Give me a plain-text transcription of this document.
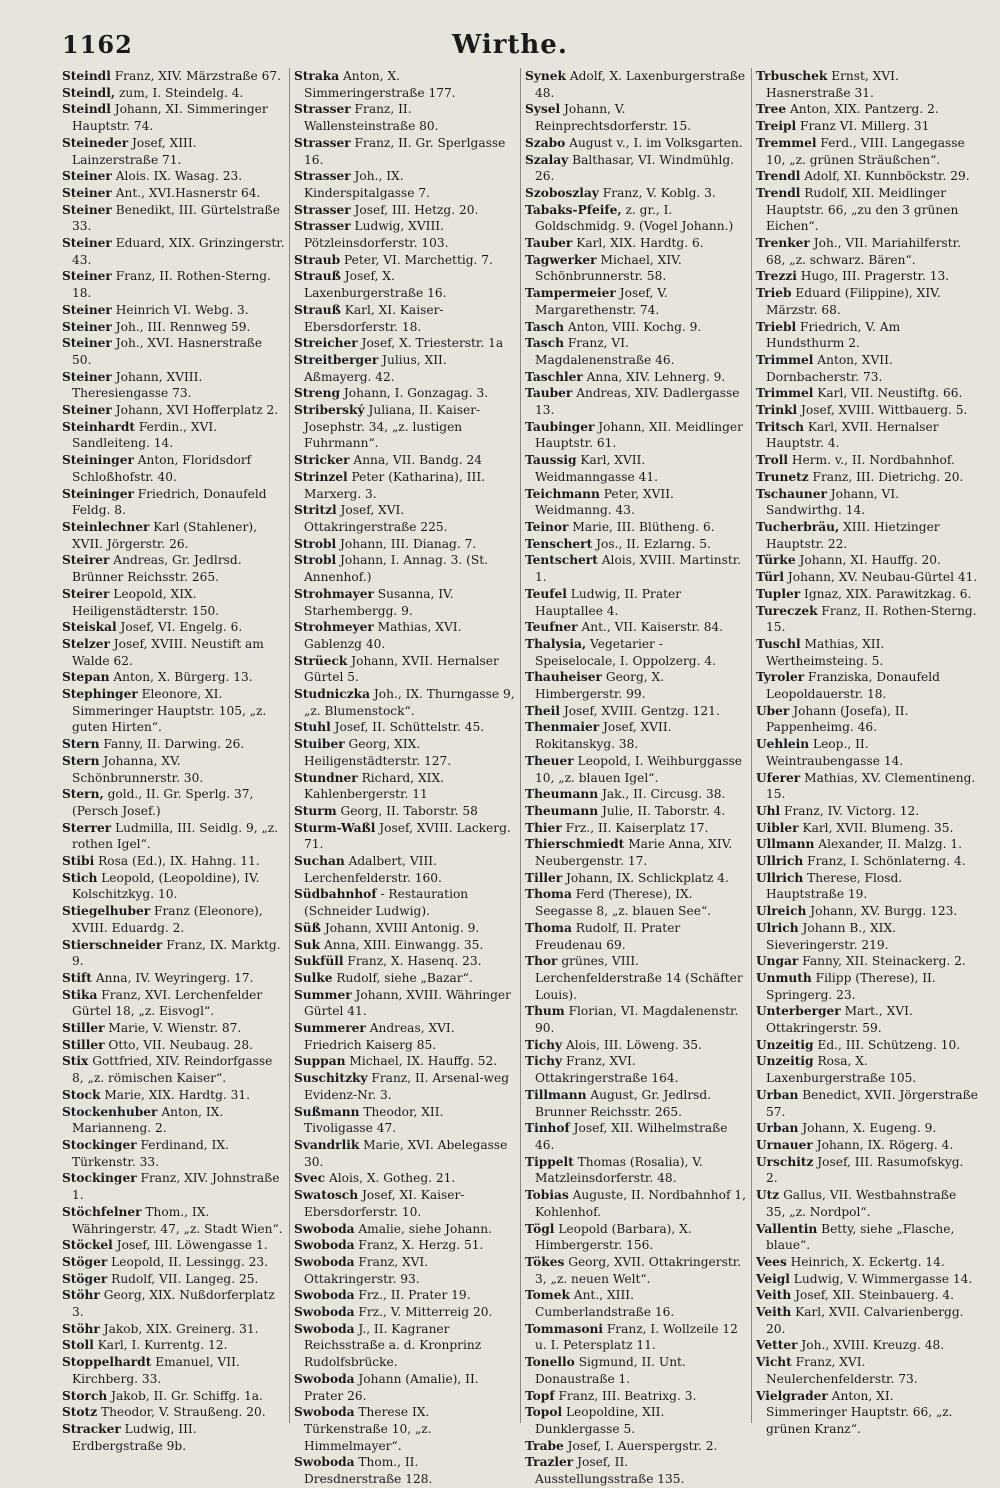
1162	Wirthe.
Steindl Franz, XIV. Märzstraße 67.
Steindl, zum, I. Steindelg. 4.
Steindl Johann, XI. Simmeringer Hauptstr. 74.
Steineder Josef, XIII. Lainzerstraße 71.
Steiner Alois. IX. Wasag. 23.
Steiner Ant., XVI.Hasnerstr 64.
Steiner Benedikt, III. Gürtelstraße 33.
Steiner Eduard, XIX. Grinzingerstr. 43.
Steiner Franz, II. Rothen-Sterng. 18.
Steiner Heinrich VI. Webg. 3.
Steiner Joh., III. Rennweg 59.
Steiner Joh., XVI. Hasnerstraße 50.
Steiner Johann, XVIII. Theresiengasse 73.
Steiner Johann, XVI Hofferplatz 2.
Steinhardt Ferdin., XVI. Sandleiteng. 14.
Steininger Anton, Floridsdorf Schloßhofstr. 40.
Steininger Friedrich, Donaufeld Feldg. 8.
Steinlechner Karl (Stahlener), XVII. Jörgerstr. 26.
Steirer Andreas, Gr. Jedlrsd. Brünner Reichsstr. 265.
Steirer Leopold, XIX. Heiligenstädterstr. 150.
Steiskal Josef, VI. Engelg. 6.
Stelzer Josef, XVIII. Neustift am Walde 62.
Stepan Anton, X. Bürgerg. 13.
Stephinger Eleonore, XI. Simmeringer Hauptstr. 105, „z. guten Hirten“.
Stern Fanny, II. Darwing. 26.
Stern Johanna, XV. Schönbrunnerstr. 30.
Stern, gold., II. Gr. Sperlg. 37, (Persch Josef.)
Sterrer Ludmilla, III. Seidlg. 9, „z. rothen Igel“.
Stibi Rosa (Ed.), IX. Hahng. 11.
Stich Leopold, (Leopoldine), IV. Kolschitzkyg. 10.
Stiegelhuber Franz (Eleonore), XVIII. Eduardg. 2.
Stierschneider Franz, IX. Marktg. 9.
Stift Anna, IV. Weyringerg. 17.
Stika Franz, XVI. Lerchenfelder Gürtel 18, „z. Eisvogl“.
Stiller Marie, V. Wienstr. 87.
Stiller Otto, VII. Neubaug. 28.
Stix Gottfried, XIV. Reindorfgasse 8, „z. römischen Kaiser“.
Stock Marie, XIX. Hardtg. 31.
Stockenhuber Anton, IX. Marianneng. 2.
Stockinger Ferdinand, IX. Türkenstr. 33.
Stockinger Franz, XIV. Johnstraße 1.
Stöchfelner Thom., IX. Währingerstr. 47, „z. Stadt Wien“.
Stöckel Josef, III. Löwengasse 1.
Stöger Leopold, II. Lessingg. 23.
Stöger Rudolf, VII. Langeg. 25.
Stöhr Georg, XIX. Nußdorferplatz 3.
Stöhr Jakob, XIX. Greinerg. 31.
Stoll Karl, I. Kurrentg. 12.
Stoppelhardt Emanuel, VII. Kirchberg. 33.
Storch Jakob, II. Gr. Schiffg. 1a.
Stotz Theodor, V. Straußeng. 20.
Stracker Ludwig, III. Erdbergstraße 9b.
Straka Anton, X. Simmeringerstraße 177.
Strasser Franz, II. Wallensteinstraße 80.
Strasser Franz, II. Gr. Sperlgasse 16.
Strasser Joh., IX. Kinderspitalgasse 7.
Strasser Josef, III. Hetzg. 20.
Strasser Ludwig, XVIII. Pötzleinsdorferstr. 103.
Straub Peter, VI. Marchettig. 7.
Strauß Josef, X. Laxenburgerstraße 16.
Strauß Karl, XI. Kaiser-Ebersdorferstr. 18.
Streicher Josef, X. Triesterstr. 1a
Streitberger Julius, XII. Aßmayerg. 42.
Streng Johann, I. Gonzagag. 3.
Striberský Juliana, II. Kaiser-Josephstr. 34, „z. lustigen Fuhrmann“.
Stricker Anna, VII. Bandg. 24
Strinzel Peter (Katharina), III. Marxerg. 3.
Stritzl Josef, XVI. Ottakringerstraße 225.
Strobl Johann, III. Dianag. 7.
Strobl Johann, I. Annag. 3. (St. Annenhof.)
Strohmayer Susanna, IV. Starhembergg. 9.
Strohmeyer Mathias, XVI. Gablenzg 40.
Strüeck Johann, XVII. Hernalser Gürtel 5.
Studniczka Joh., IX. Thurngasse 9, „z. Blumenstock“.
Stuhl Josef, II. Schüttelstr. 45.
Stuiber Georg, XIX. Heiligenstädterstr. 127.
Stundner Richard, XIX. Kahlenbergerstr. 11
Sturm Georg, II. Taborstr. 58
Sturm-Waßl Josef, XVIII. Lackerg. 71.
Suchan Adalbert, VIII. Lerchenfelderstr. 160.
Südbahnhof - Restauration (Schneider Ludwig).
Süß Johann, XVIII Antonig. 9.
Suk Anna, XIII. Einwangg. 35.
Sukfüll Franz, X. Hasenq. 23.
Sulke Rudolf, siehe „Bazar“.
Summer Johann, XVIII. Währinger Gürtel 41.
Summerer Andreas, XVI. Friedrich Kaiserg 85.
Suppan Michael, IX. Hauffg. 52.
Suschitzky Franz, II. Arsenal-weg Evidenz-Nr. 3.
Sußmann Theodor, XII. Tivoligasse 47.
Svandrlik Marie, XVI. Abelegasse 30.
Svec Alois, X. Gotheg. 21.
Swatosch Josef, XI. Kaiser-Ebersdorferstr. 10.
Swoboda Amalie, siehe Johann.
Swoboda Franz, X. Herzg. 51.
Swoboda Franz, XVI. Ottakringerstr. 93.
Swoboda Frz., II. Prater 19.
Swoboda Frz., V. Mitterreig 20.
Swoboda J., II. Kagraner Reichsstraße a. d. Kronprinz Rudolfsbrücke.
Swoboda Johann (Amalie), II. Prater 26.
Swoboda Therese IX. Türkenstraße 10, „z. Himmelmayer“.
Swoboda Thom., II. Dresdnerstraße 128.
Synek Adolf, X. Laxenburgerstraße 48.
Sysel Johann, V. Reinprechtsdorferstr. 15.
Szabo August v., I. im Volksgarten.
Szalay Balthasar, VI. Windmühlg. 26.
Szoboszlay Franz, V. Koblg. 3.
Tabaks-Pfeife, z. gr., I. Goldschmidg. 9. (Vogel Johann.)
Tauber Karl, XIX. Hardtg. 6.
Tagwerker Michael, XIV. Schönbrunnerstr. 58.
Tampermeier Josef, V. Margarethenstr. 74.
Tasch Anton, VIII. Kochg. 9.
Tasch Franz, VI. Magdalenenstraße 46.
Taschler Anna, XIV. Lehnerg. 9.
Tauber Andreas, XIV. Dadlergasse 13.
Taubinger Johann, XII. Meidlinger Hauptstr. 61.
Taussig Karl, XVII. Weidmanngasse 41.
Teichmann Peter, XVII. Weidmanng. 43.
Teinor Marie, III. Blütheng. 6.
Tenschert Jos., II. Ezlarng. 5.
Tentschert Alois, XVIII. Martinstr. 1.
Teufel Ludwig, II. Prater Hauptallee 4.
Teufner Ant., VII. Kaiserstr. 84.
Thalysia, Vegetarier - Speiselocale, I. Oppolzerg. 4.
Thauheiser Georg, X. Himbergerstr. 99.
Theil Josef, XVIII. Gentzg. 121.
Thenmaier Josef, XVII. Rokitanskyg. 38.
Theuer Leopold, I. Weihburggasse 10, „z. blauen Igel“.
Theumann Jak., II. Circusg. 38.
Theumann Julie, II. Taborstr. 4.
Thier Frz., II. Kaiserplatz 17.
Thierschmiedt Marie Anna, XIV. Neubergenstr. 17.
Tiller Johann, IX. Schlickplatz 4.
Thoma Ferd (Therese), IX. Seegasse 8, „z. blauen See“.
Thoma Rudolf, II. Prater Freudenau 69.
Thor grünes, VIII. Lerchenfelderstraße 14 (Schäfter Louis).
Thum Florian, VI. Magdalenenstr. 90.
Tichy Alois, III. Löweng. 35.
Tichy Franz, XVI. Ottakringerstraße 164.
Tillmann August, Gr. Jedlrsd. Brunner Reichsstr. 265.
Tinhof Josef, XII. Wilhelmstraße 46.
Tippelt Thomas (Rosalia), V. Matzleinsdorferstr. 48.
Tobias Auguste, II. Nordbahnhof 1, Kohlenhof.
Tögl Leopold (Barbara), X. Himbergerstr. 156.
Tökes Georg, XVII. Ottakringerstr. 3, „z. neuen Welt“.
Tomek Ant., XIII. Cumberlandstraße 16.
Tommasoni Franz, I. Wollzeile 12 u. I. Petersplatz 11.
Tonello Sigmund, II. Unt. Donaustraße 1.
Topf Franz, III. Beatrixg. 3.
Topol Leopoldine, XII. Dunklergasse 5.
Trabe Josef, I. Auerspergstr. 2.
Trazler Josef, II. Ausstellungsstraße 135.
Trbuschek Ernst, XVI. Hasnerstraße 31.
Tree Anton, XIX. Pantzerg. 2.
Treipl Franz VI. Millerg. 31
Tremmel Ferd., VIII. Langegasse 10, „z. grünen Sträußchen“.
Trendl Adolf, XI. Kunnböckstr. 29.
Trendl Rudolf, XII. Meidlinger Hauptstr. 66, „zu den 3 grünen Eichen“.
Trenker Joh., VII. Mariahilferstr. 68, „z. schwarz. Bären“.
Trezzi Hugo, III. Pragerstr. 13.
Trieb Eduard (Filippine), XIV. Märzstr. 68.
Triebl Friedrich, V. Am Hundsthurm 2.
Trimmel Anton, XVII. Dornbacherstr. 73.
Trimmel Karl, VII. Neustiftg. 66.
Trinkl Josef, XVIII. Wittbauerg. 5.
Tritsch Karl, XVII. Hernalser Hauptstr. 4.
Troll Herm. v., II. Nordbahnhof.
Trunetz Franz, III. Dietrichg. 20.
Tschauner Johann, VI. Sandwirthg. 14.
Tucherbräu, XIII. Hietzinger Hauptstr. 22.
Türke Johann, XI. Hauffg. 20.
Türl Johann, XV. Neubau-Gürtel 41.
Tupler Ignaz, XIX. Parawitzkag. 6.
Tureczek Franz, II. Rothen-Sterng. 15.
Tuschl Mathias, XII. Wertheimsteing. 5.
Tyroler Franziska, Donaufeld Leopoldauerstr. 18.
Uber Johann (Josefa), II. Pappenheimg. 46.
Uehlein Leop., II. Weintraubengasse 14.
Uferer Mathias, XV. Clementineng. 15.
Uhl Franz, IV. Victorg. 12.
Uibler Karl, XVII. Blumeng. 35.
Ullmann Alexander, II. Malzg. 1.
Ullrich Franz, I. Schönlaterng. 4.
Ullrich Therese, Flosd. Hauptstraße 19.
Ulreich Johann, XV. Burgg. 123.
Ulrich Johann B., XIX. Sieveringerstr. 219.
Ungar Fanny, XII. Steinackerg. 2.
Unmuth Filipp (Therese), II. Springerg. 23.
Unterberger Mart., XVI. Ottakringerstr. 59.
Unzeitig Ed., III. Schützeng. 10.
Unzeitig Rosa, X. Laxenburgerstraße 105.
Urban Benedict, XVII. Jörgerstraße 57.
Urban Johann, X. Eugeng. 9.
Urnauer Johann, IX. Rögerg. 4.
Urschitz Josef, III. Rasumofskyg. 2.
Utz Gallus, VII. Westbahnstraße 35, „z. Nordpol“.
Vallentin Betty, siehe „Flasche, blaue“.
Vees Heinrich, X. Eckertg. 14.
Veigl Ludwig, V. Wimmergasse 14.
Veith Josef, XII. Steinbauerg. 4.
Veith Karl, XVII. Calvarienbergg. 20.
Vetter Joh., XVIII. Kreuzg. 48.
Vicht Franz, XVI. Neulerchenfelderstr. 73.
Vielgrader Anton, XI. Simmeringer Hauptstr. 66, „z. grünen Kranz“.
